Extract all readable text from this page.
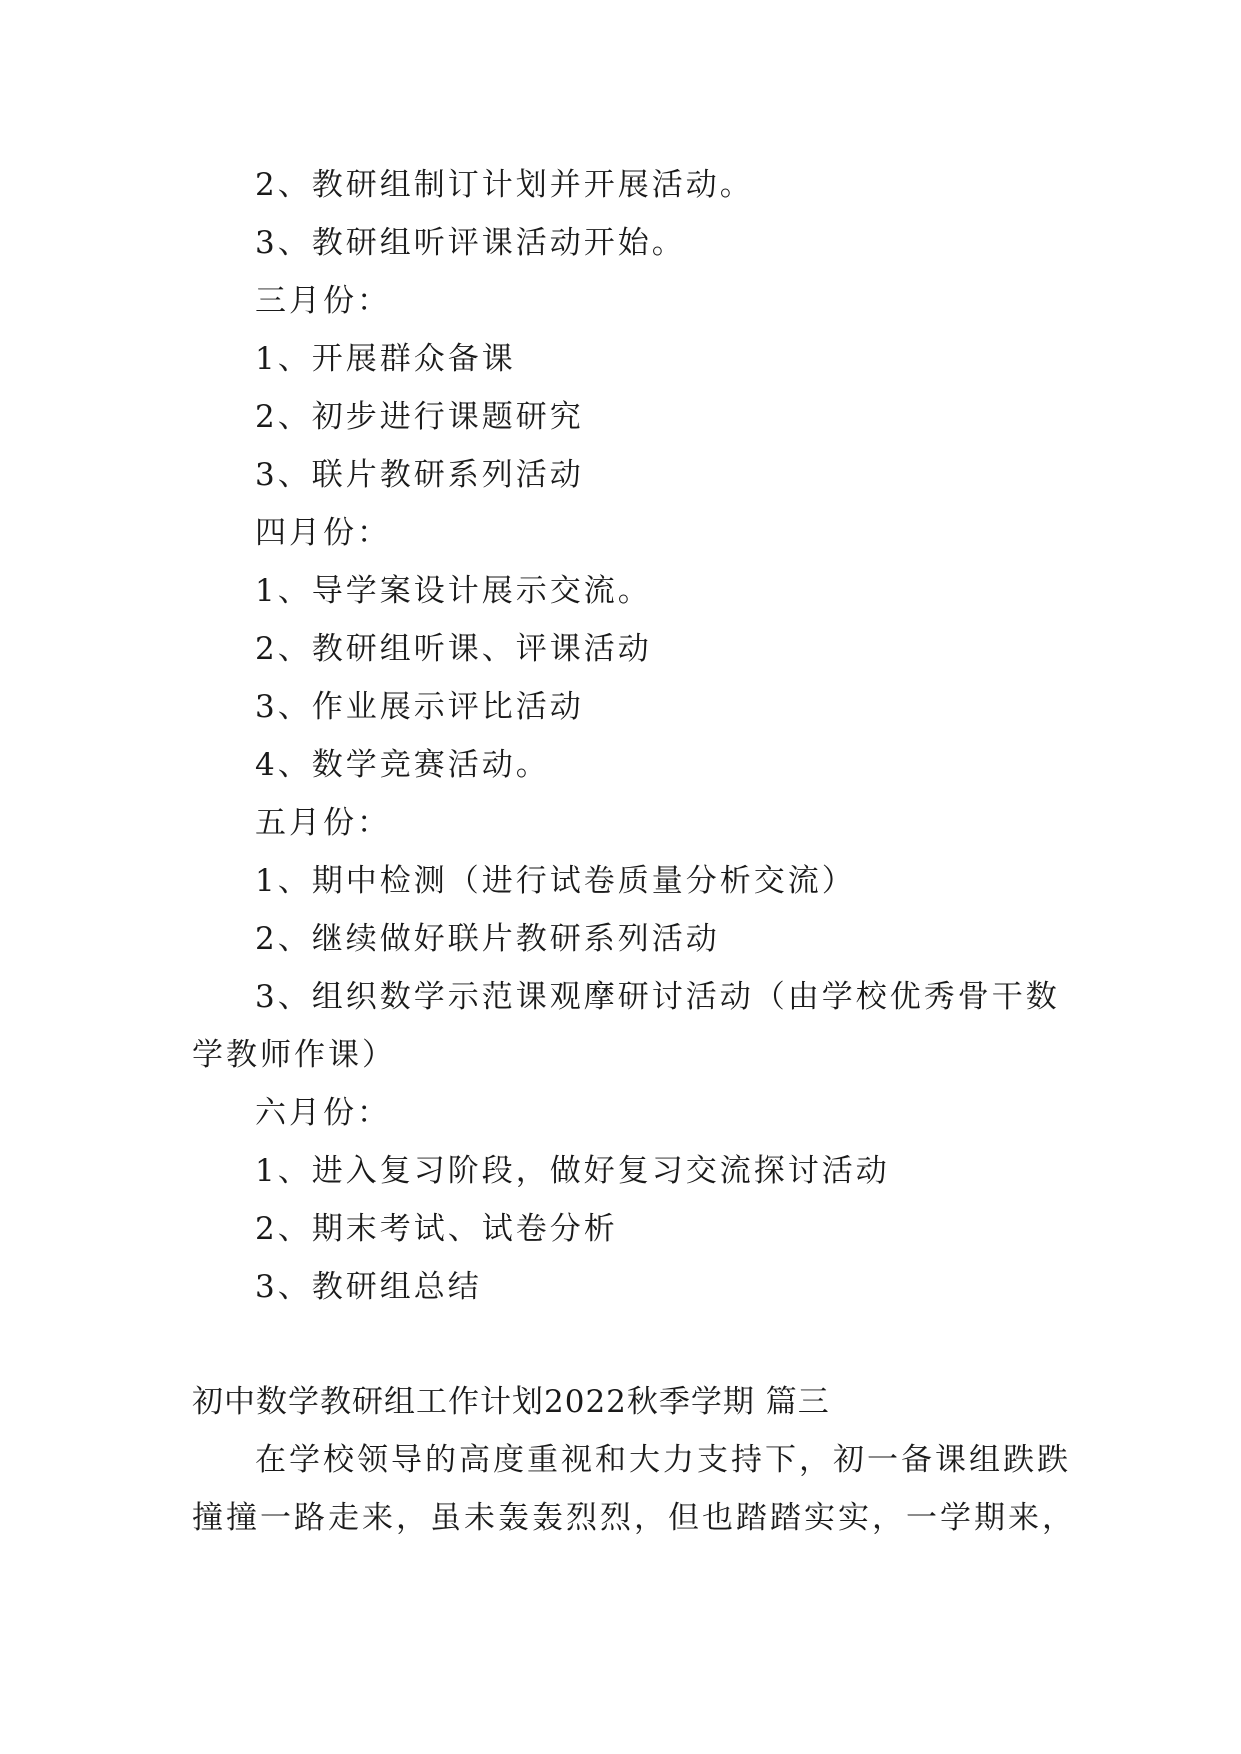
2、教研组制订计划并开展活动。
3、教研组听评课活动开始。
三月份：
1、开展群众备课
2、初步进行课题研究
3、联片教研系列活动
四月份：
1、导学案设计展示交流。
2、教研组听课、评课活动
3、作业展示评比活动
4、数学竞赛活动。
五月份：
1、期中检测（进行试卷质量分析交流）
2、继续做好联片教研系列活动
3、组织数学示范课观摩研讨活动（由学校优秀骨干数
学教师作课）
六月份：
1、进入复习阶段，做好复习交流探讨活动
2、期末考试、试卷分析
3、教研组总结
初中数学教研组工作计划2022秋季学期 篇三
在学校领导的高度重视和大力支持下，初一备课组跌跌
撞撞一路走来，虽未轰轰烈烈，但也踏踏实实，一学期来，
